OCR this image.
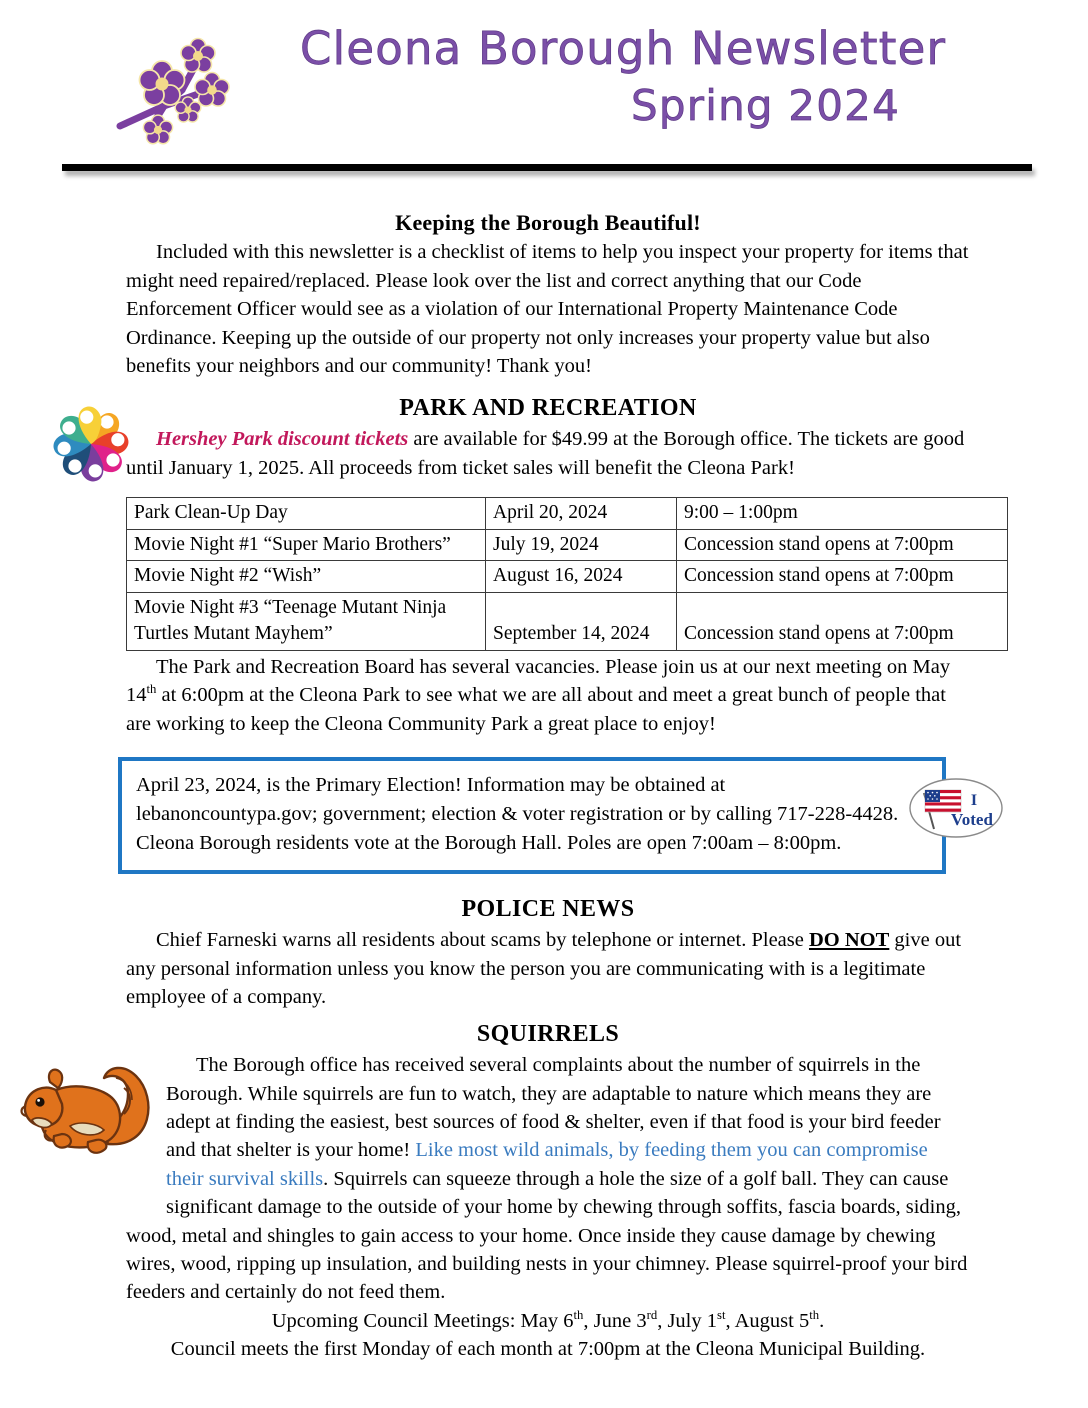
Cleona Borough Newsletter
Spring 2024
Keeping the Borough Beautiful!

Included with this newsletter is a checklist of items to help you inspect your property for items that might need repaired/replaced. Please look over the list and correct anything that our Code Enforcement Officer would see as a violation of our International Property Maintenance Code Ordinance. Keeping up the outside of our property not only increases your property value but also benefits your neighbors and our community! Thank you!

PARK AND RECREATION

Hershey Park discount tickets are available for $49.99 at the Borough office. The tickets are good until January 1, 2025. All proceeds from ticket sales will benefit the Cleona Park!

Park Clean-Up Day	April 20, 2024	9:00 – 1:00pm
Movie Night #1 “Super Mario Brothers”	July 19, 2024	Concession stand opens at 7:00pm
Movie Night #2 “Wish”	August 16, 2024	Concession stand opens at 7:00pm
Movie Night #3 “Teenage Mutant Ninja Turtles Mutant Mayhem”	September 14, 2024	Concession stand opens at 7:00pm

The Park and Recreation Board has several vacancies. Please join us at our next meeting on May 14th at 6:00pm at the Cleona Park to see what we are all about and meet a great bunch of people that are working to keep the Cleona Community Park a great place to enjoy!

April 23, 2024, is the Primary Election! Information may be obtained at

lebanoncountypa.gov; government; election & voter registration or by calling 717-228-4428.

Cleona Borough residents vote at the Borough Hall. Poles are open 7:00am – 8:00pm.

I
Voted
POLICE NEWS

Chief Farneski warns all residents about scams by telephone or internet. Please DO NOT give out any personal information unless you know the person you are communicating with is a legitimate employee of a company.

SQUIRRELS

The Borough office has received several complaints about the number of squirrels in the Borough. While squirrels are fun to watch, they are adaptable to nature which means they are adept at finding the easiest, best sources of food & shelter, even if that food is your bird feeder and that shelter is your home! Like most wild animals, by feeding them you can compromise their survival skills. Squirrels can squeeze through a hole the size of a golf ball. They can cause significant damage to the outside of your home by chewing through soffits, fascia boards, siding, wood, metal and shingles to gain access to your home. Once inside they cause damage by chewing wires, wood, ripping up insulation, and building nests in your chimney. Please squirrel-proof your bird feeders and certainly do not feed them.

Upcoming Council Meetings: May 6th, June 3rd, July 1st, August 5th.

Council meets the first Monday of each month at 7:00pm at the Cleona Municipal Building.
